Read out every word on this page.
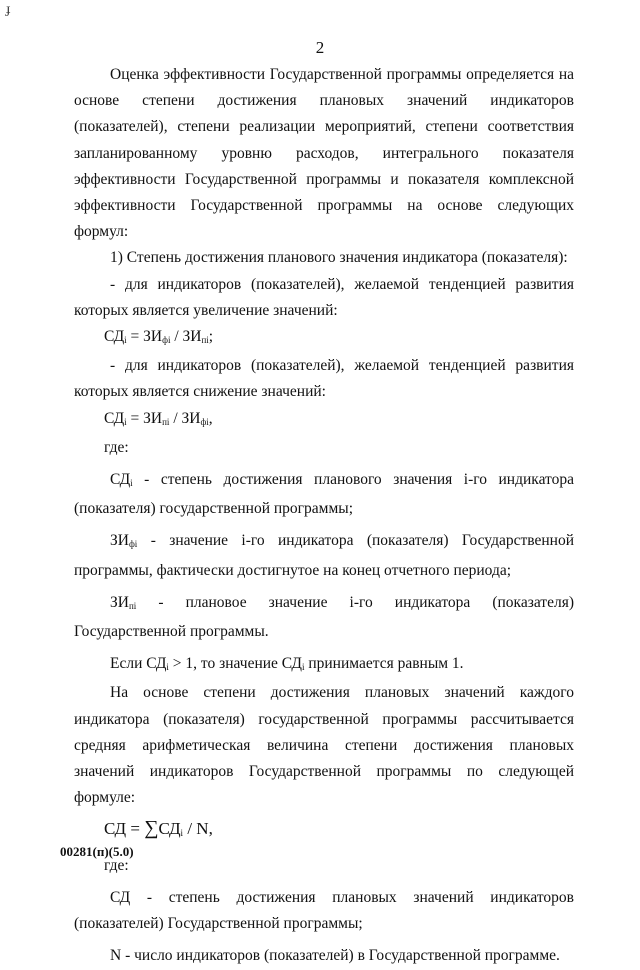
ɟ
2

Оценка эффективности Государственной программы определяется на основе степени достижения плановых значений индикаторов (показателей), степени реализации мероприятий, степени соответствия запланированному уровню расходов, интегрального показателя эффективности Государственной программы и показателя комплексной эффективности Государственной программы на основе следующих формул:

1) Степень достижения планового значения индикатора (показателя):

- для индикаторов (показателей), желаемой тенденцией развития которых является увеличение значений:

$СД_i = ЗИ_{фi} / ЗИ_{пi}$;

- для индикаторов (показателей), желаемой тенденцией развития которых является снижение значений:

$СД_i = ЗИ_{пi} / ЗИ_{фi}$,

где:

$СД_i$ - степень достижения планового значения i-го индикатора (показателя) государственной программы;

$ЗИ_{фi}$ - значение i-го индикатора (показателя) Государственной программы, фактически достигнутое на конец отчетного периода;

$ЗИ_{пi}$ - плановое значение i-го индикатора (показателя) Государственной программы.

Если $СД_i > 1$, то значение $СД_i$ принимается равным 1.

На основе степени достижения плановых значений каждого индикатора (показателя) государственной программы рассчитывается средняя арифметическая величина степени достижения плановых значений индикаторов Государственной программы по следующей формуле:

СД = $\sum СД_i$ / N,

где:

СД - степень достижения плановых значений индикаторов (показателей) Государственной программы;

N - число индикаторов (показателей) в Государственной программе.

00281(п)(5.0)
